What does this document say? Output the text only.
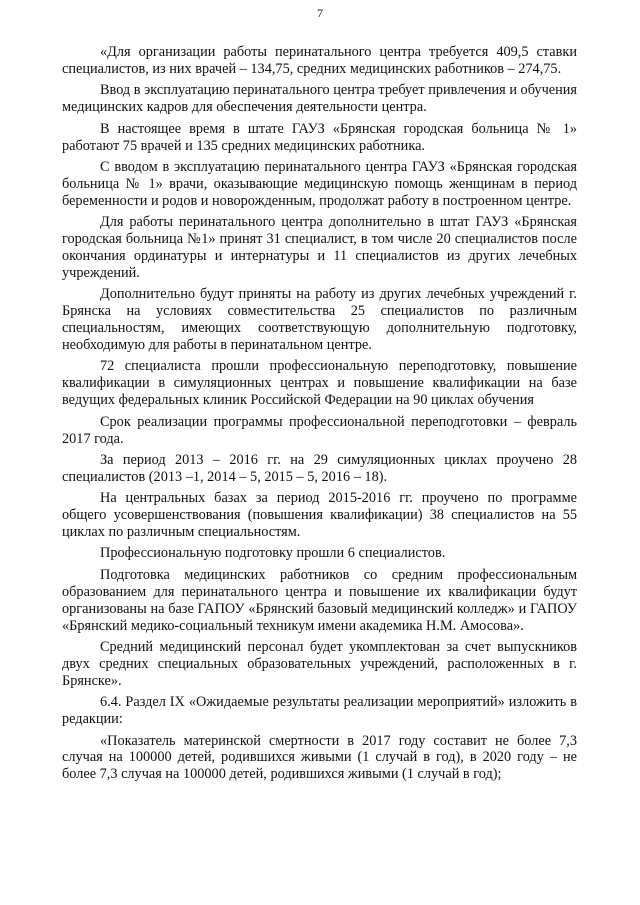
7

«Для организации работы перинатального центра требуется 409,5 ставки специалистов, из них врачей – 134,75, средних медицинских работников – 274,75.

Ввод в эксплуатацию перинатального центра требует привлечения и обучения медицинских кадров для обеспечения деятельности центра.

В настоящее время в штате ГАУЗ «Брянская городская больница № 1» работают 75 врачей и 135 средних медицинских работника.

С вводом в эксплуатацию перинатального центра ГАУЗ «Брянская городская больница № 1» врачи, оказывающие медицинскую помощь женщинам в период беременности и родов и новорожденным, продолжат работу в построенном центре.

Для работы перинатального центра дополнительно в штат ГАУЗ «Брянская городская больница №1» принят 31 специалист, в том числе 20 специалистов после окончания ординатуры и интернатуры и 11 специалистов из других лечебных учреждений.

Дополнительно будут приняты на работу из других лечебных учреждений г. Брянска на условиях совместительства 25 специалистов по различным специальностям, имеющих соответствующую дополнительную подготовку, необходимую для работы в перинатальном центре.

72 специалиста прошли профессиональную переподготовку, повышение квалификации в симуляционных центрах и повышение квалификации на базе ведущих федеральных клиник Российской Федерации на 90 циклах обучения

Срок реализации программы профессиональной переподготовки – февраль 2017 года.

За период 2013 – 2016 гг. на 29 симуляционных циклах проучено 28 специалистов (2013 –1, 2014 – 5, 2015 – 5, 2016 – 18).

На центральных базах за период 2015-2016 гг. проучено по программе общего усовершенствования (повышения квалификации) 38 специалистов на 55 циклах по различным специальностям.

Профессиональную подготовку прошли 6 специалистов.

Подготовка медицинских работников со средним профессиональным образованием для перинатального центра и повышение их квалификации будут организованы на базе ГАПОУ «Брянский базовый медицинский колледж» и ГАПОУ «Брянский медико-социальный техникум имени академика Н.М. Амосова».

Средний медицинский персонал будет укомплектован за счет выпускников двух средних специальных образовательных учреждений, расположенных в г. Брянске».

6.4. Раздел IX «Ожидаемые результаты реализации мероприятий» изложить в редакции:

«Показатель материнской смертности в 2017 году составит не более 7,3 случая на 100000 детей, родившихся живыми (1 случай в год), в 2020 году – не более 7,3 случая на 100000 детей, родившихся живыми (1 случай в год);
